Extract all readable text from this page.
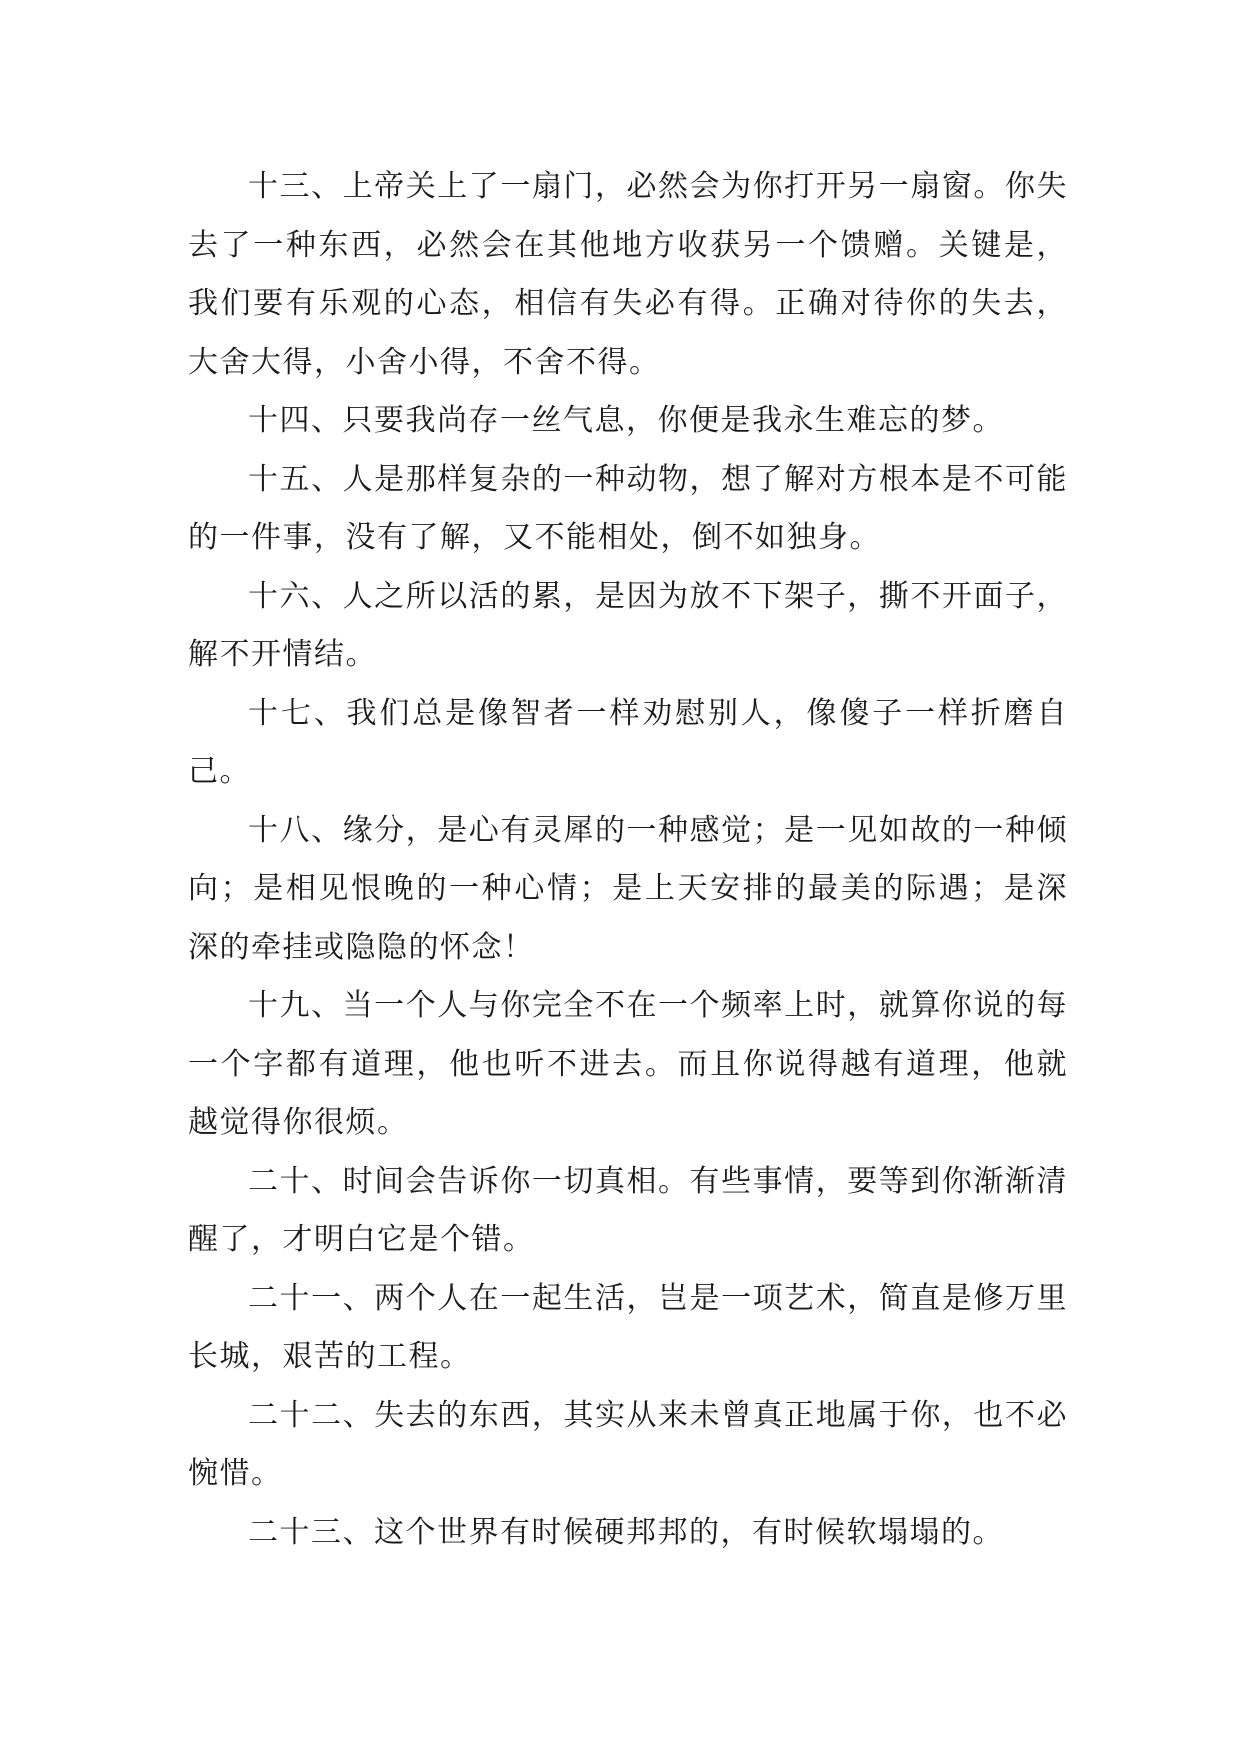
十三、上帝关上了一扇门，必然会为你打开另一扇窗。你失去了一种东西，必然会在其他地方收获另一个馈赠。关键是，我们要有乐观的心态，相信有失必有得。正确对待你的失去，大舍大得，小舍小得，不舍不得。

十四、只要我尚存一丝气息，你便是我永生难忘的梦。

十五、人是那样复杂的一种动物，想了解对方根本是不可能的一件事，没有了解，又不能相处，倒不如独身。

十六、人之所以活的累，是因为放不下架子，撕不开面子，解不开情结。

十七、我们总是像智者一样劝慰别人，像傻子一样折磨自己。

十八、缘分，是心有灵犀的一种感觉；是一见如故的一种倾向；是相见恨晚的一种心情；是上天安排的最美的际遇；是深深的牵挂或隐隐的怀念！

十九、当一个人与你完全不在一个频率上时，就算你说的每一个字都有道理，他也听不进去。而且你说得越有道理，他就越觉得你很烦。

二十、时间会告诉你一切真相。有些事情，要等到你渐渐清醒了，才明白它是个错。

二十一、两个人在一起生活，岂是一项艺术，简直是修万里长城，艰苦的工程。

二十二、失去的东西，其实从来未曾真正地属于你，也不必惋惜。

二十三、这个世界有时候硬邦邦的，有时候软塌塌的。
